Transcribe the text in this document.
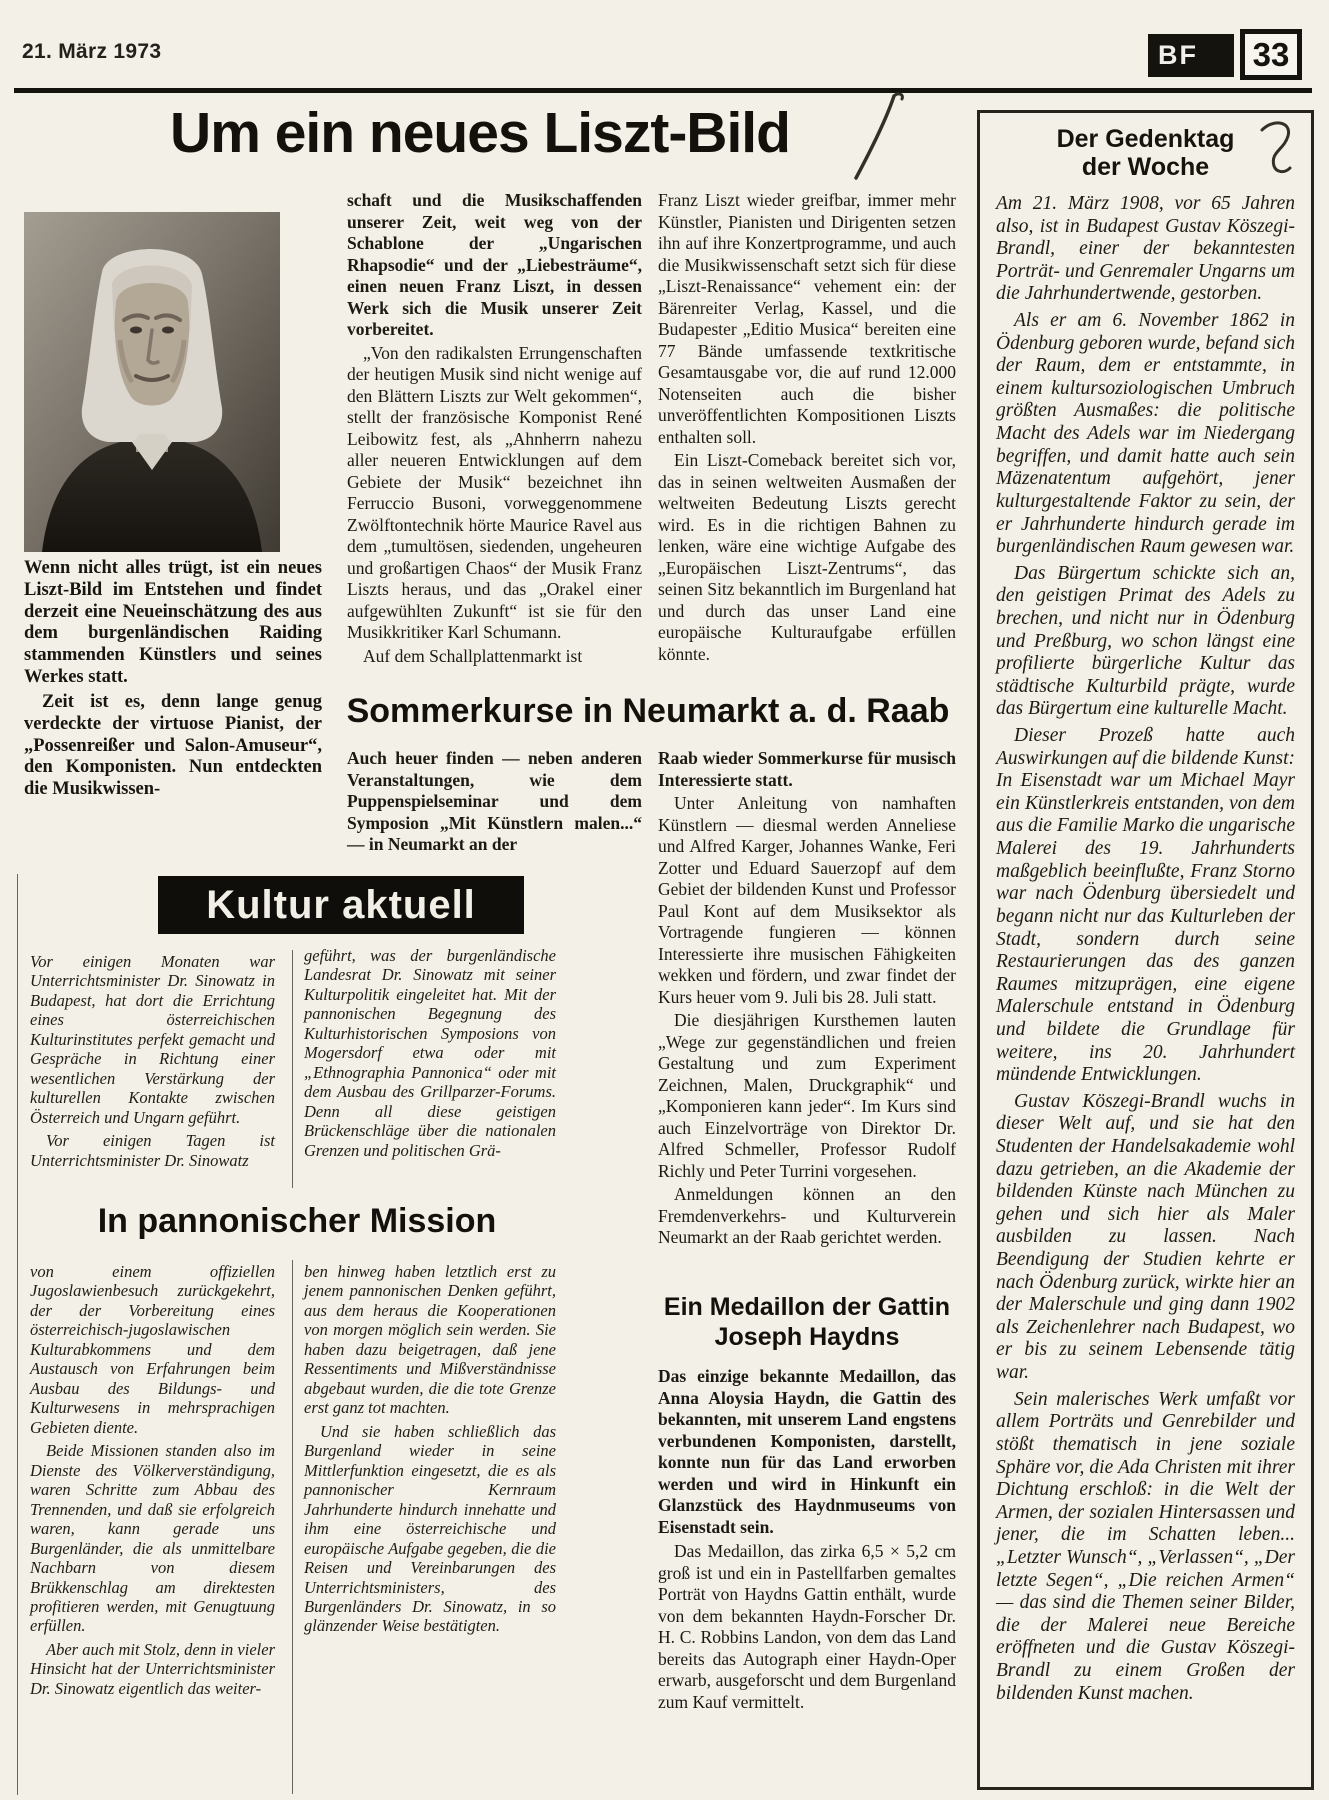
21. März 1973	BF	33
Um ein neues Liszt-Bild

Wenn nicht alles trügt, ist ein neues Liszt-Bild im Entstehen und findet derzeit eine Neueinschätzung des aus dem burgenländischen Raiding stammenden Künstlers und seines Werkes statt.

Zeit ist es, denn lange genug verdeckte der virtuose Pianist, der „Possenreißer und Salon-Amuseur“, den Komponisten. Nun entdeckten die Musikwissen-

schaft und die Musikschaffenden unserer Zeit, weit weg von der Schablone der „Ungarischen Rhapsodie“ und der „Liebesträume“, einen neuen Franz Liszt, in dessen Werk sich die Musik unserer Zeit vorbereitet.

„Von den radikalsten Errungenschaften der heutigen Musik sind nicht wenige auf den Blättern Liszts zur Welt gekommen“, stellt der französische Komponist René Leibowitz fest, als „Ahnherrn nahezu aller neueren Entwicklungen auf dem Gebiete der Musik“ bezeichnet ihn Ferruccio Busoni, vorweggenommene Zwölftontechnik hörte Maurice Ravel aus dem „tumultösen, siedenden, ungeheuren und großartigen Chaos“ der Musik Franz Liszts heraus, und das „Orakel einer aufgewühlten Zukunft“ ist sie für den Musikkritiker Karl Schumann.

Auf dem Schallplattenmarkt ist

Franz Liszt wieder greifbar, immer mehr Künstler, Pianisten und Dirigenten setzen ihn auf ihre Konzertprogramme, und auch die Musikwissenschaft setzt sich für diese „Liszt-Renaissance“ vehement ein: der Bärenreiter Verlag, Kassel, und die Budapester „Editio Musica“ bereiten eine 77 Bände umfassende textkritische Gesamtausgabe vor, die auf rund 12.000 Notenseiten auch die bisher unveröffentlichten Kompositionen Liszts enthalten soll.

Ein Liszt-Comeback bereitet sich vor, das in seinen weltweiten Ausmaßen der weltweiten Bedeutung Liszts gerecht wird. Es in die richtigen Bahnen zu lenken, wäre eine wichtige Aufgabe des „Europäischen Liszt-Zentrums“, das seinen Sitz bekanntlich im Burgenland hat und durch das unser Land eine europäische Kulturaufgabe erfüllen könnte.

Der Gedenktag
der Woche

Am 21. März 1908, vor 65 Jahren also, ist in Budapest Gustav Köszegi-Brandl, einer der bekanntesten Porträt- und Genremaler Ungarns um die Jahrhundertwende, gestorben.

Als er am 6. November 1862 in Ödenburg geboren wurde, befand sich der Raum, dem er entstammte, in einem kultursoziologischen Umbruch größten Ausmaßes: die politische Macht des Adels war im Niedergang begriffen, und damit hatte auch sein Mäzenatentum aufgehört, jener kulturgestaltende Faktor zu sein, der er Jahrhunderte hindurch gerade im burgenländischen Raum gewesen war.

Das Bürgertum schickte sich an, den geistigen Primat des Adels zu brechen, und nicht nur in Ödenburg und Preßburg, wo schon längst eine profilierte bürgerliche Kultur das städtische Kulturbild prägte, wurde das Bürgertum eine kulturelle Macht.

Dieser Prozeß hatte auch Auswirkungen auf die bildende Kunst: In Eisenstadt war um Michael Mayr ein Künstlerkreis entstanden, von dem aus die Familie Marko die ungarische Malerei des 19. Jahrhunderts maßgeblich beeinflußte, Franz Storno war nach Ödenburg übersiedelt und begann nicht nur das Kulturleben der Stadt, sondern durch seine Restaurierungen das des ganzen Raumes mitzuprägen, eine eigene Malerschule entstand in Ödenburg und bildete die Grundlage für weitere, ins 20. Jahrhundert mündende Entwicklungen.

Gustav Köszegi-Brandl wuchs in dieser Welt auf, und sie hat den Studenten der Handelsakademie wohl dazu getrieben, an die Akademie der bildenden Künste nach München zu gehen und sich hier als Maler ausbilden zu lassen. Nach Beendigung der Studien kehrte er nach Ödenburg zurück, wirkte hier an der Malerschule und ging dann 1902 als Zeichenlehrer nach Budapest, wo er bis zu seinem Lebensende tätig war.

Sein malerisches Werk umfaßt vor allem Porträts und Genrebilder und stößt thematisch in jene soziale Sphäre vor, die Ada Christen mit ihrer Dichtung erschloß: in die Welt der Armen, der sozialen Hintersassen und jener, die im Schatten leben... „Letzter Wunsch“, „Verlassen“, „Der letzte Segen“, „Die reichen Armen“ — das sind die Themen seiner Bilder, die der Malerei neue Bereiche eröffneten und die Gustav Köszegi-Brandl zu einem Großen der bildenden Kunst machen.

Sommerkurse in Neumarkt a. d. Raab

Auch heuer finden — neben anderen Veranstaltungen, wie dem Puppenspielseminar und dem Symposion „Mit Künstlern malen...“ — in Neumarkt an der

Raab wieder Sommerkurse für musisch Interessierte statt.

Unter Anleitung von namhaften Künstlern — diesmal werden Anneliese und Alfred Karger, Johannes Wanke, Feri Zotter und Eduard Sauerzopf auf dem Gebiet der bildenden Kunst und Professor Paul Kont auf dem Musiksektor als Vortragende fungieren — können Interessierte ihre musischen Fähigkeiten wekken und fördern, und zwar findet der Kurs heuer vom 9. Juli bis 28. Juli statt.

Die diesjährigen Kursthemen lauten „Wege zur gegenständlichen und freien Gestaltung und zum Experiment Zeichnen, Malen, Druckgraphik“ und „Komponieren kann jeder“. Im Kurs sind auch Einzelvorträge von Direktor Dr. Alfred Schmeller, Professor Rudolf Richly und Peter Turrini vorgesehen.

Anmeldungen können an den Fremdenverkehrs- und Kulturverein Neumarkt an der Raab gerichtet werden.

Kultur aktuell

Vor einigen Monaten war Unterrichtsminister Dr. Sinowatz in Budapest, hat dort die Errichtung eines österreichischen Kulturinstitutes perfekt gemacht und Gespräche in Richtung einer wesentlichen Verstärkung der kulturellen Kontakte zwischen Österreich und Ungarn geführt.

Vor einigen Tagen ist Unterrichtsminister Dr. Sinowatz

geführt, was der burgenländische Landesrat Dr. Sinowatz mit seiner Kulturpolitik eingeleitet hat. Mit der pannonischen Begegnung des Kulturhistorischen Symposions von Mogersdorf etwa oder mit „Ethnographia Pannonica“ oder mit dem Ausbau des Grillparzer-Forums. Denn all diese geistigen Brückenschläge über die nationalen Grenzen und politischen Grä-

In pannonischer Mission

von einem offiziellen Jugoslawienbesuch zurückgekehrt, der der Vorbereitung eines österreichisch-jugoslawischen Kulturabkommens und dem Austausch von Erfahrungen beim Ausbau des Bildungs- und Kulturwesens in mehrsprachigen Gebieten diente.

Beide Missionen standen also im Dienste des Völkerverständigung, waren Schritte zum Abbau des Trennenden, und daß sie erfolgreich waren, kann gerade uns Burgenländer, die als unmittelbare Nachbarn von diesem Brükkenschlag am direktesten profitieren werden, mit Genugtuung erfüllen.

Aber auch mit Stolz, denn in vieler Hinsicht hat der Unterrichtsminister Dr. Sinowatz eigentlich das weiter-

ben hinweg haben letztlich erst zu jenem pannonischen Denken geführt, aus dem heraus die Kooperationen von morgen möglich sein werden. Sie haben dazu beigetragen, daß jene Ressentiments und Mißverständnisse abgebaut wurden, die die tote Grenze erst ganz tot machten.

Und sie haben schließlich das Burgenland wieder in seine Mittlerfunktion eingesetzt, die es als pannonischer Kernraum Jahrhunderte hindurch innehatte und ihm eine österreichische und europäische Aufgabe gegeben, die die Reisen und Vereinbarungen des Unterrichtsministers, des Burgenländers Dr. Sinowatz, in so glänzender Weise bestätigten.

Ein Medaillon der Gattin
Joseph Haydns

Das einzige bekannte Medaillon, das Anna Aloysia Haydn, die Gattin des bekannten, mit unserem Land engstens verbundenen Komponisten, darstellt, konnte nun für das Land erworben werden und wird in Hinkunft ein Glanzstück des Haydnmuseums von Eisenstadt sein.

Das Medaillon, das zirka 6,5 × 5,2 cm groß ist und ein in Pastellfarben gemaltes Porträt von Haydns Gattin enthält, wurde von dem bekannten Haydn-Forscher Dr. H. C. Robbins Landon, von dem das Land bereits das Autograph einer Haydn-Oper erwarb, ausgeforscht und dem Burgenland zum Kauf vermittelt.
